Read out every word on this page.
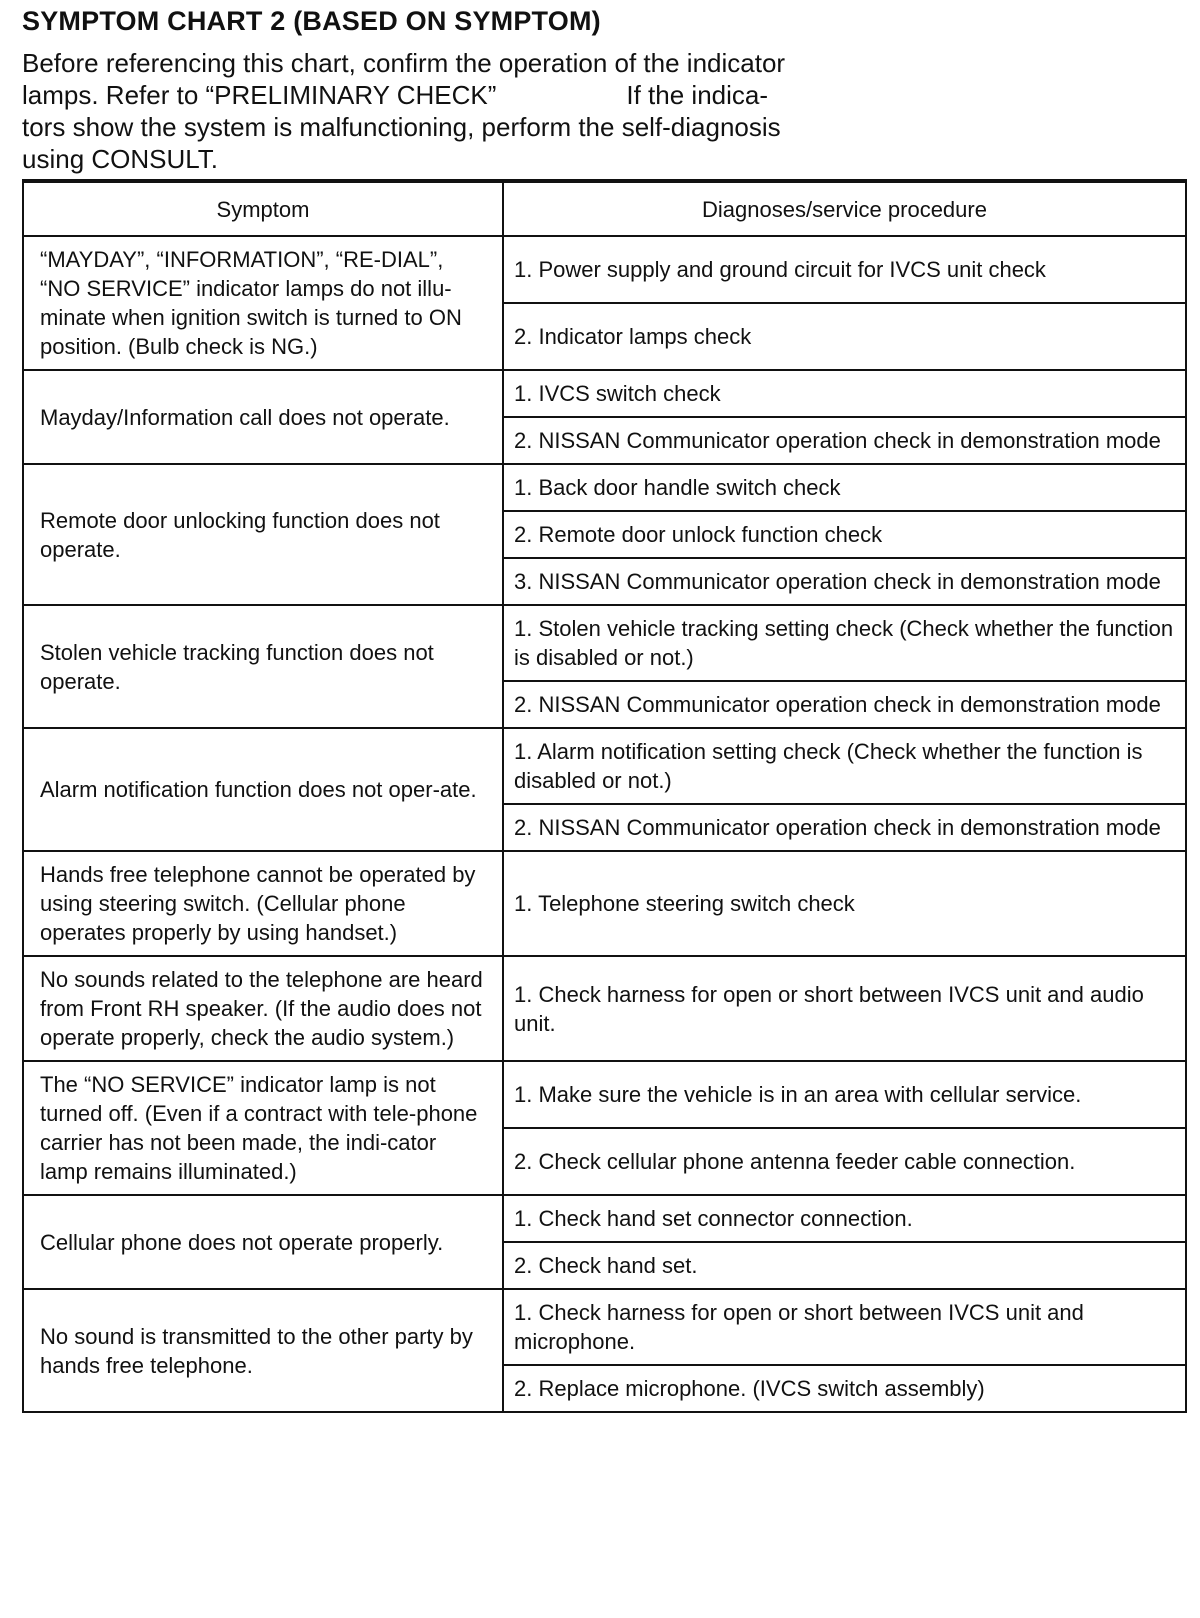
SYMPTOM CHART 2 (BASED ON SYMPTOM)
Before referencing this chart, confirm the operation of the indicator
lamps. Refer to “PRELIMINARY CHECK”	If the indica-
tors show the system is malfunctioning, perform the self-diagnosis
using CONSULT.
Symptom	Diagnoses/service procedure
“MAYDAY”, “INFORMATION”, “RE-DIAL”, “NO SERVICE” indicator lamps do not illu-minate when ignition switch is turned to ON position. (Bulb check is NG.)	1. Power supply and ground circuit for IVCS unit check
	2. Indicator lamps check
Mayday/Information call does not operate.	1. IVCS switch check
	2. NISSAN Communicator operation check in demonstration mode
Remote door unlocking function does not operate.	1. Back door handle switch check
	2. Remote door unlock function check
	3. NISSAN Communicator operation check in demonstration mode
Stolen vehicle tracking function does not operate.	1. Stolen vehicle tracking setting check (Check whether the function is disabled or not.)
	2. NISSAN Communicator operation check in demonstration mode
Alarm notification function does not oper-ate.	1. Alarm notification setting check (Check whether the function is disabled or not.)
	2. NISSAN Communicator operation check in demonstration mode
Hands free telephone cannot be operated by using steering switch. (Cellular phone operates properly by using handset.)	1. Telephone steering switch check
No sounds related to the telephone are heard from Front RH speaker. (If the audio does not operate properly, check the audio system.)	1. Check harness for open or short between IVCS unit and audio unit.
The “NO SERVICE” indicator lamp is not turned off. (Even if a contract with tele-phone carrier has not been made, the indi-cator lamp remains illuminated.)	1. Make sure the vehicle is in an area with cellular service.
	2. Check cellular phone antenna feeder cable connection.
Cellular phone does not operate properly.	1. Check hand set connector connection.
	2. Check hand set.
No sound is transmitted to the other party by hands free telephone.	1. Check harness for open or short between IVCS unit and microphone.
	2. Replace microphone. (IVCS switch assembly)
